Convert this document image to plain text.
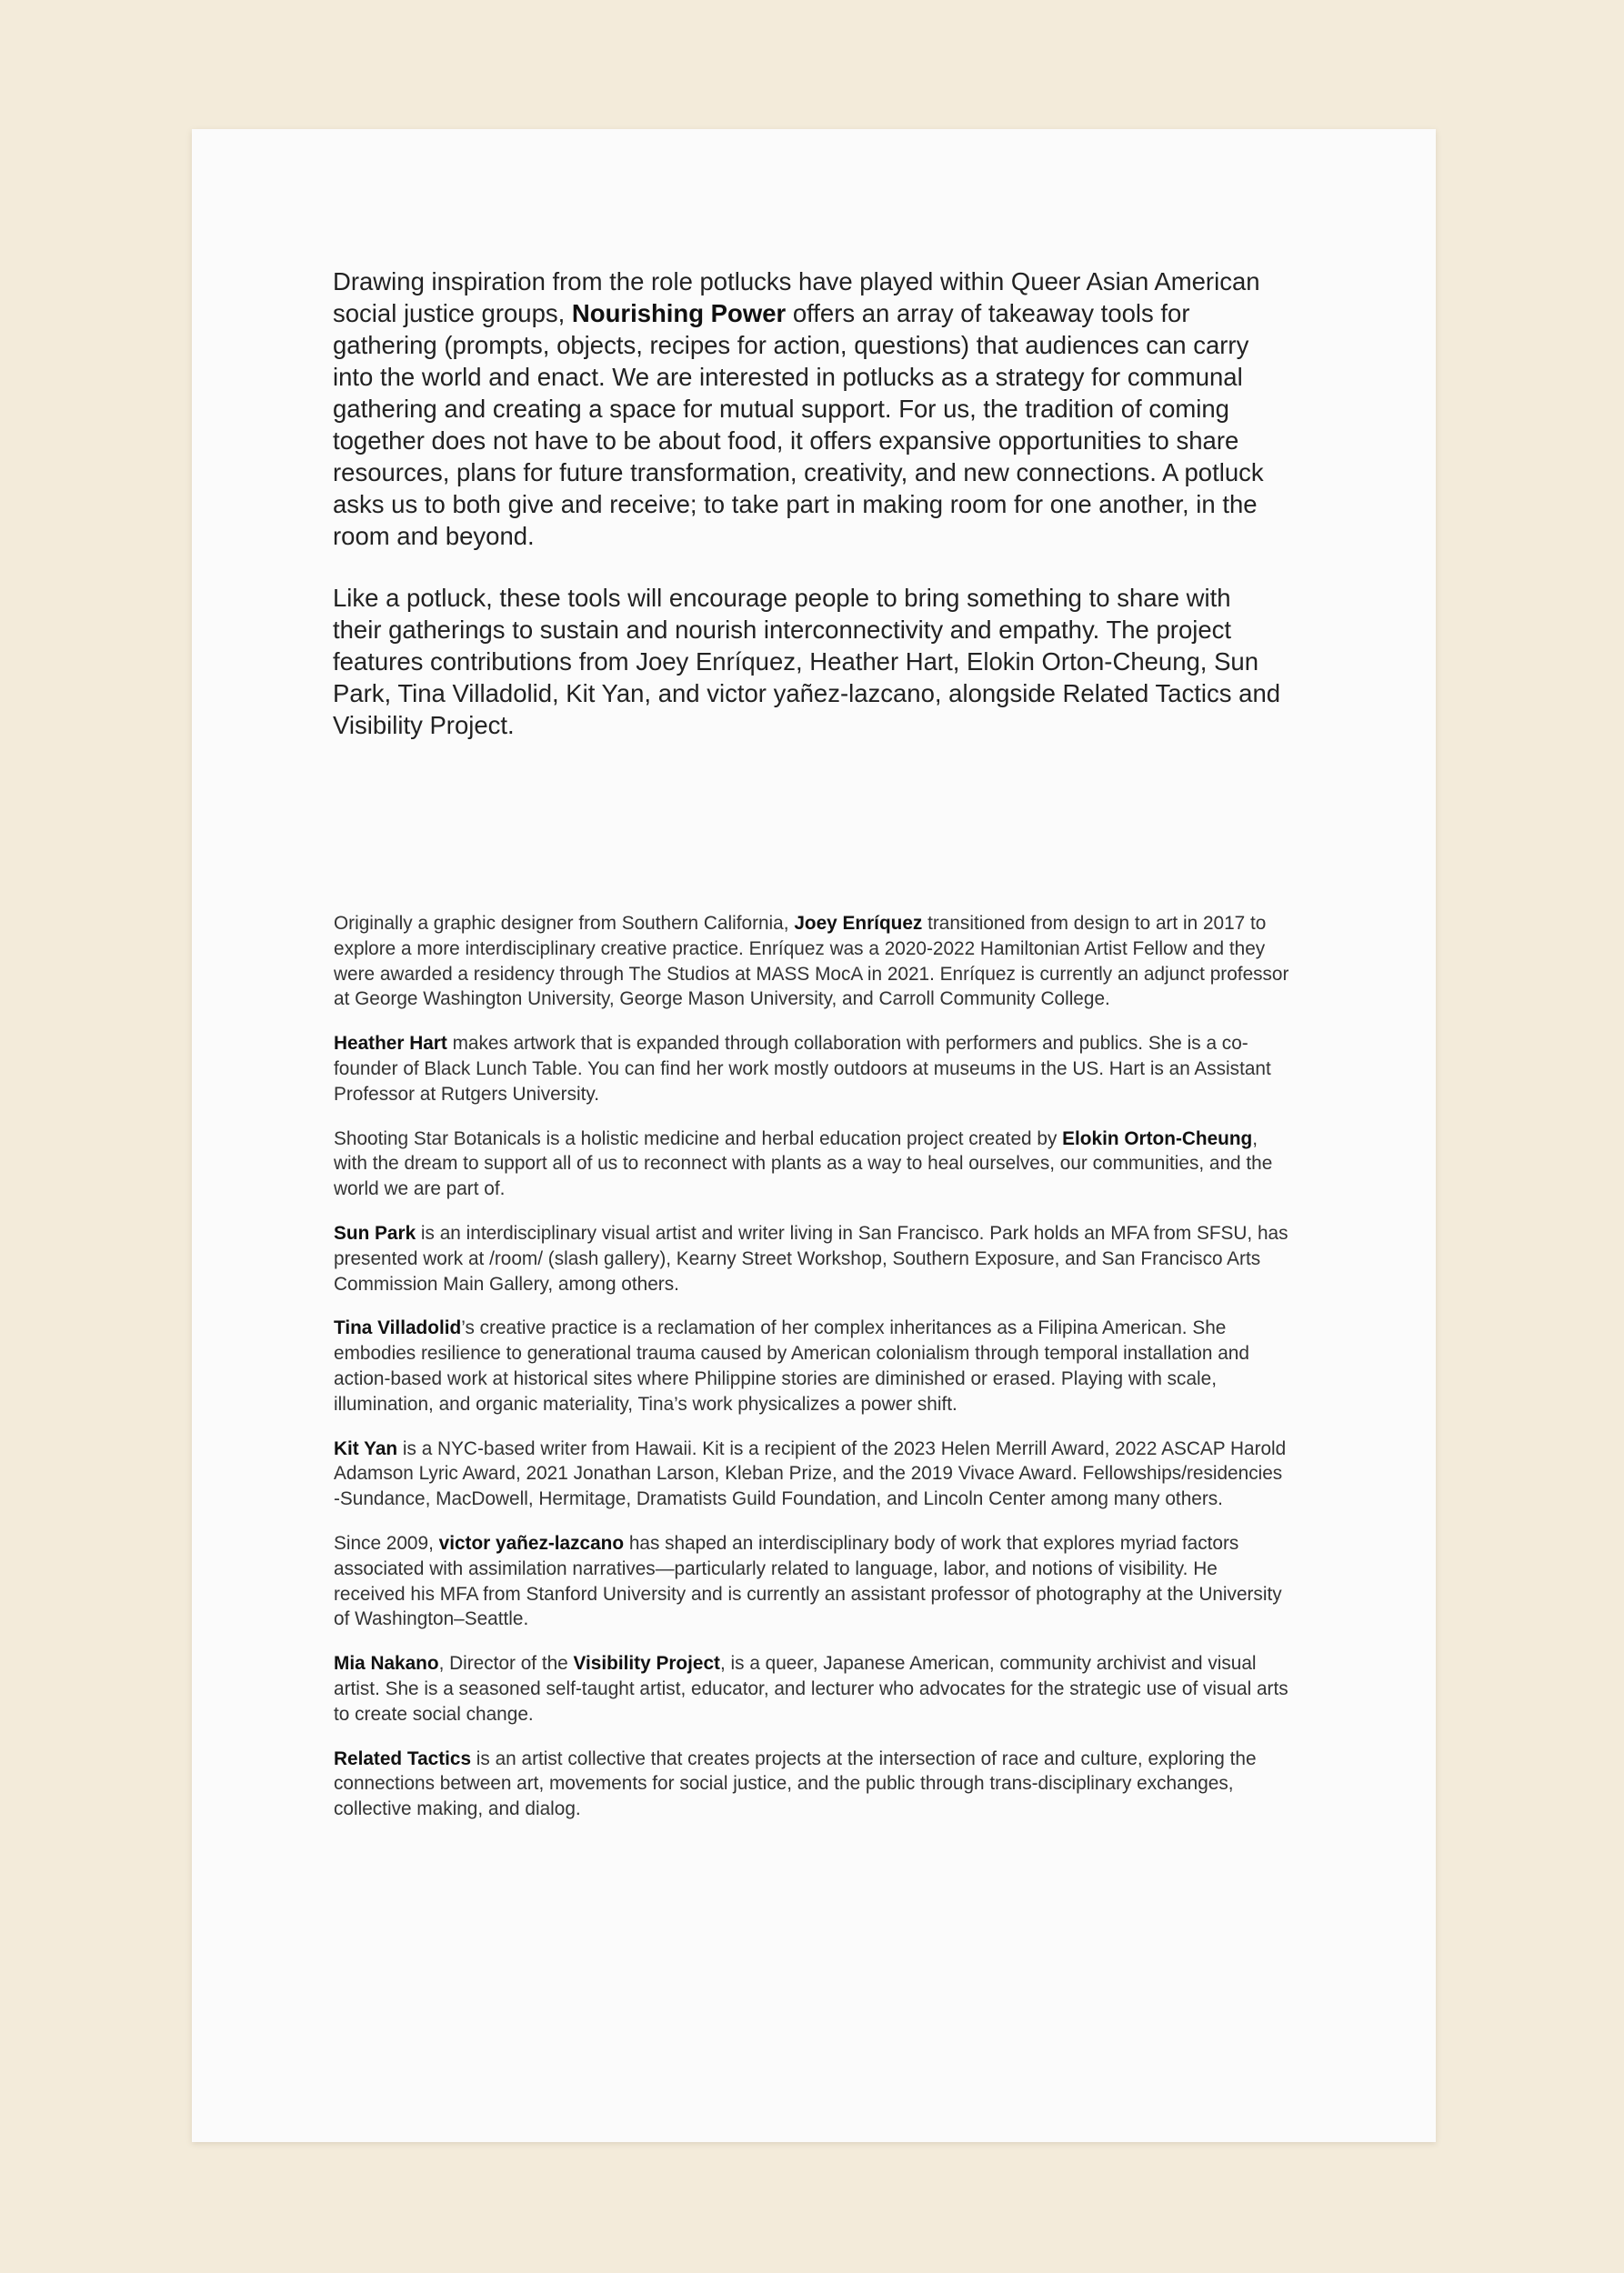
Drawing inspiration from the role potlucks have played within Queer Asian American social justice groups, Nourishing Power offers an array of takeaway tools for gathering (prompts, objects, recipes for action, questions) that audiences can carry into the world and enact. We are interested in potlucks as a strategy for communal gathering and creating a space for mutual support. For us, the tradition of coming together does not have to be about food, it offers expansive opportunities to share resources, plans for future transformation, creativity, and new connections. A potluck asks us to both give and receive; to take part in making room for one another, in the room and beyond.

Like a potluck, these tools will encourage people to bring something to share with their gatherings to sustain and nourish interconnectivity and empathy. The project features contributions from Joey Enríquez, Heather Hart, Elokin Orton-Cheung, Sun Park, Tina Villadolid, Kit Yan, and victor yañez-lazcano, alongside Related Tactics and Visibility Project.

Originally a graphic designer from Southern California, Joey Enríquez transitioned from design to art in 2017 to explore a more interdisciplinary creative practice. Enríquez was a 2020-2022 Hamiltonian Artist Fellow and they were awarded a residency through The Studios at MASS MocA in 2021. Enríquez is currently an adjunct professor at George Washington University, George Mason University, and Carroll Community College.

Heather Hart makes artwork that is expanded through collaboration with performers and publics. She is a co-founder of Black Lunch Table. You can find her work mostly outdoors at museums in the US. Hart is an Assistant Professor at Rutgers University.

Shooting Star Botanicals is a holistic medicine and herbal education project created by Elokin Orton-Cheung, with the dream to support all of us to reconnect with plants as a way to heal ourselves, our communities, and the world we are part of.

Sun Park is an interdisciplinary visual artist and writer living in San Francisco. Park holds an MFA from SFSU, has presented work at /room/ (slash gallery), Kearny Street Workshop, Southern Exposure, and San Francisco Arts Commission Main Gallery, among others.

Tina Villadolid’s creative practice is a reclamation of her complex inheritances as a Filipina American. She embodies resilience to generational trauma caused by American colonialism through temporal installation and action-based work at historical sites where Philippine stories are diminished or erased. Playing with scale, illumination, and organic materiality, Tina’s work physicalizes a power shift.

Kit Yan is a NYC-based writer from Hawaii. Kit is a recipient of the 2023 Helen Merrill Award, 2022 ASCAP Harold Adamson Lyric Award, 2021 Jonathan Larson, Kleban Prize, and the 2019 Vivace Award. Fellowships/residencies -Sundance, MacDowell, Hermitage, Dramatists Guild Foundation, and Lincoln Center among many others.

Since 2009, victor yañez-lazcano has shaped an interdisciplinary body of work that explores myriad factors associated with assimilation narratives—particularly related to language, labor, and notions of visibility. He received his MFA from Stanford University and is currently an assistant professor of photography at the University of Washington–Seattle.

Mia Nakano, Director of the Visibility Project, is a queer, Japanese American, community archivist and visual artist. She is a seasoned self-taught artist, educator, and lecturer who advocates for the strategic use of visual arts to create social change.

Related Tactics is an artist collective that creates projects at the intersection of race and culture, exploring the connections between art, movements for social justice, and the public through trans-disciplinary exchanges, collective making, and dialog.
